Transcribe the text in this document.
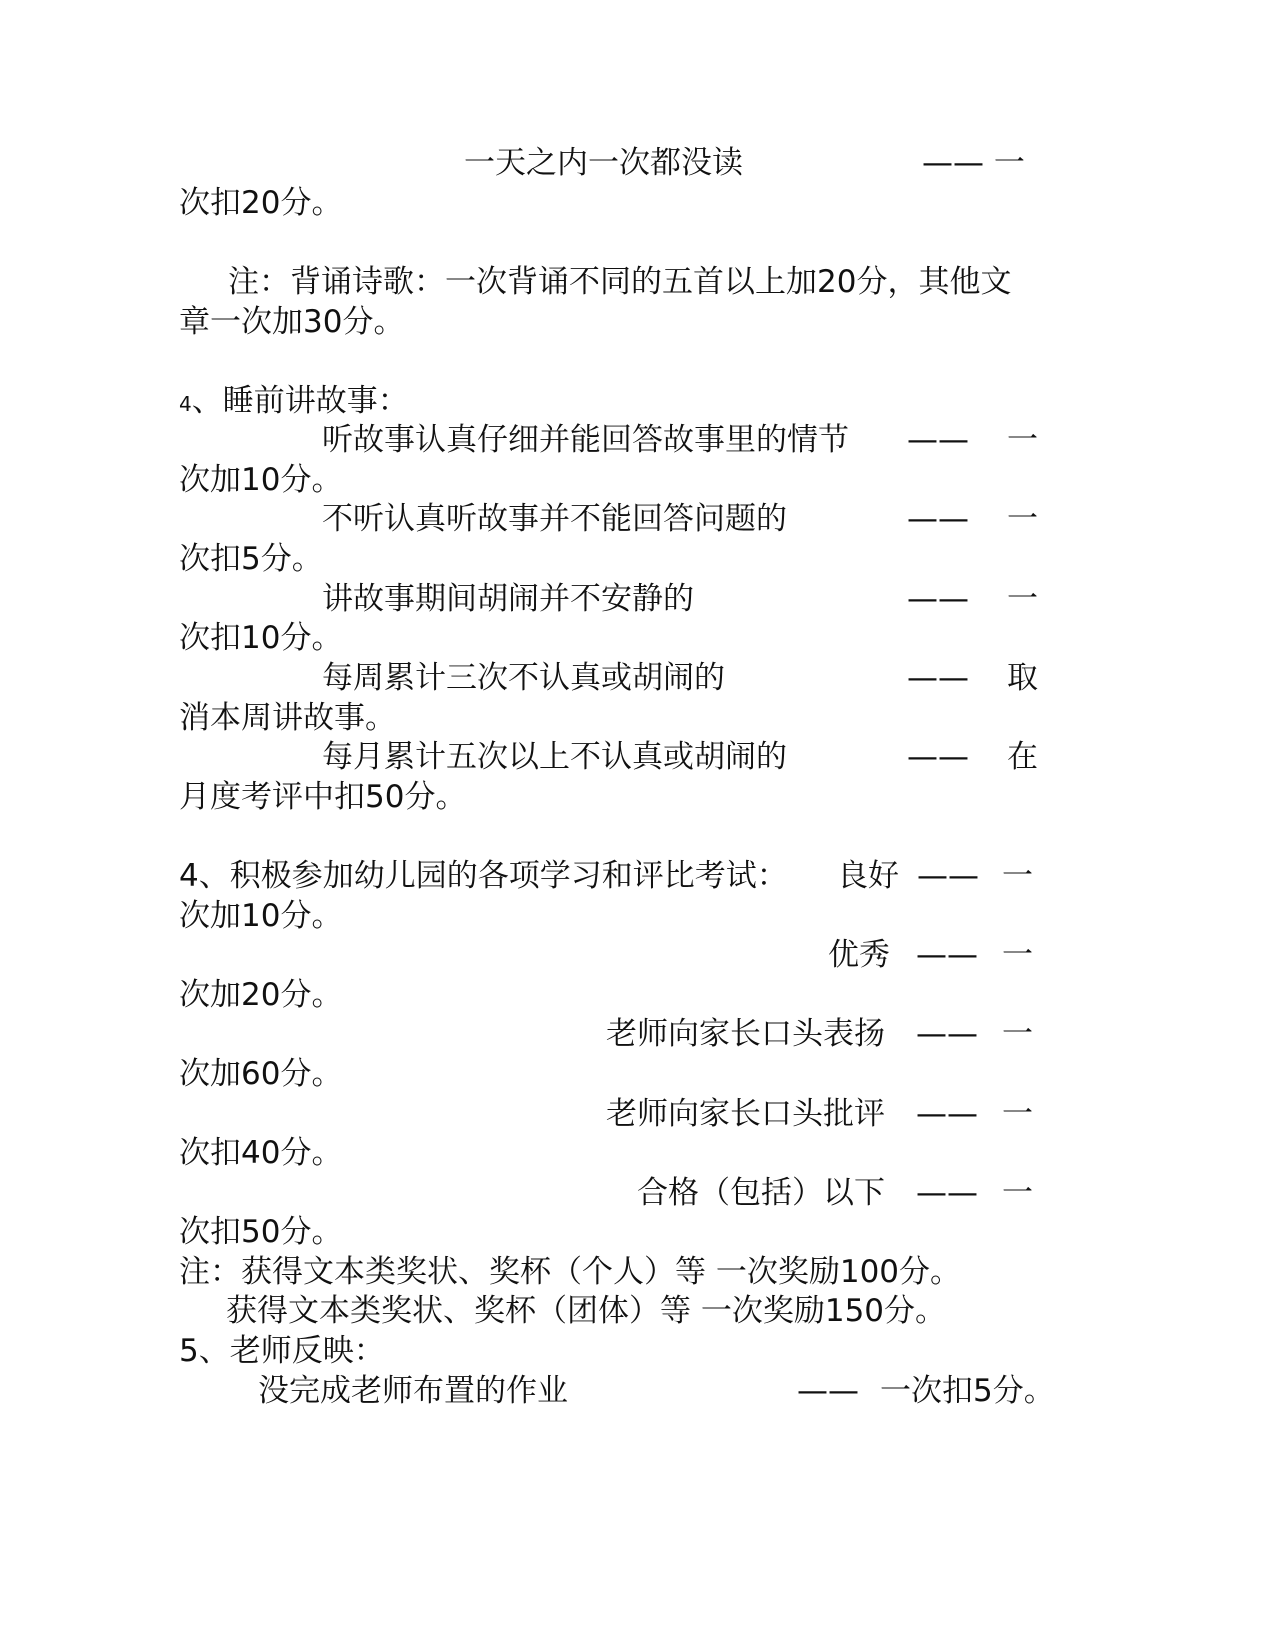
一天之内一次都没读	—— 一
次扣20分。
注：背诵诗歌：一次背诵不同的五首以上加20分，其他文
章一次加30分。
4、睡前讲故事：
听故事认真仔细并能回答故事里的情节 —— 一
次加10分。
不听认真听故事并不能回答问题的	—— 一
次扣5分。
讲故事期间胡闹并不安静的	—— 一
次扣10分。
每周累计三次不认真或胡闹的	—— 取
消本周讲故事。
每月累计五次以上不认真或胡闹的	—— 在
月度考评中扣50分。
4、积极参加幼儿园的各项学习和评比考试： 良好 —— 一
次加10分。
优秀 —— 一
次加20分。
老师向家长口头表扬 —— 一
次加60分。
老师向家长口头批评 —— 一
次扣40分。
合格（包括）以下 —— 一
次扣50分。
注：获得文本类奖状、奖杯（个人）等 一次奖励100分。
获得文本类奖状、奖杯（团体）等 一次奖励150分。
5、老师反映：
没完成老师布置的作业	—— 一次扣5分。
